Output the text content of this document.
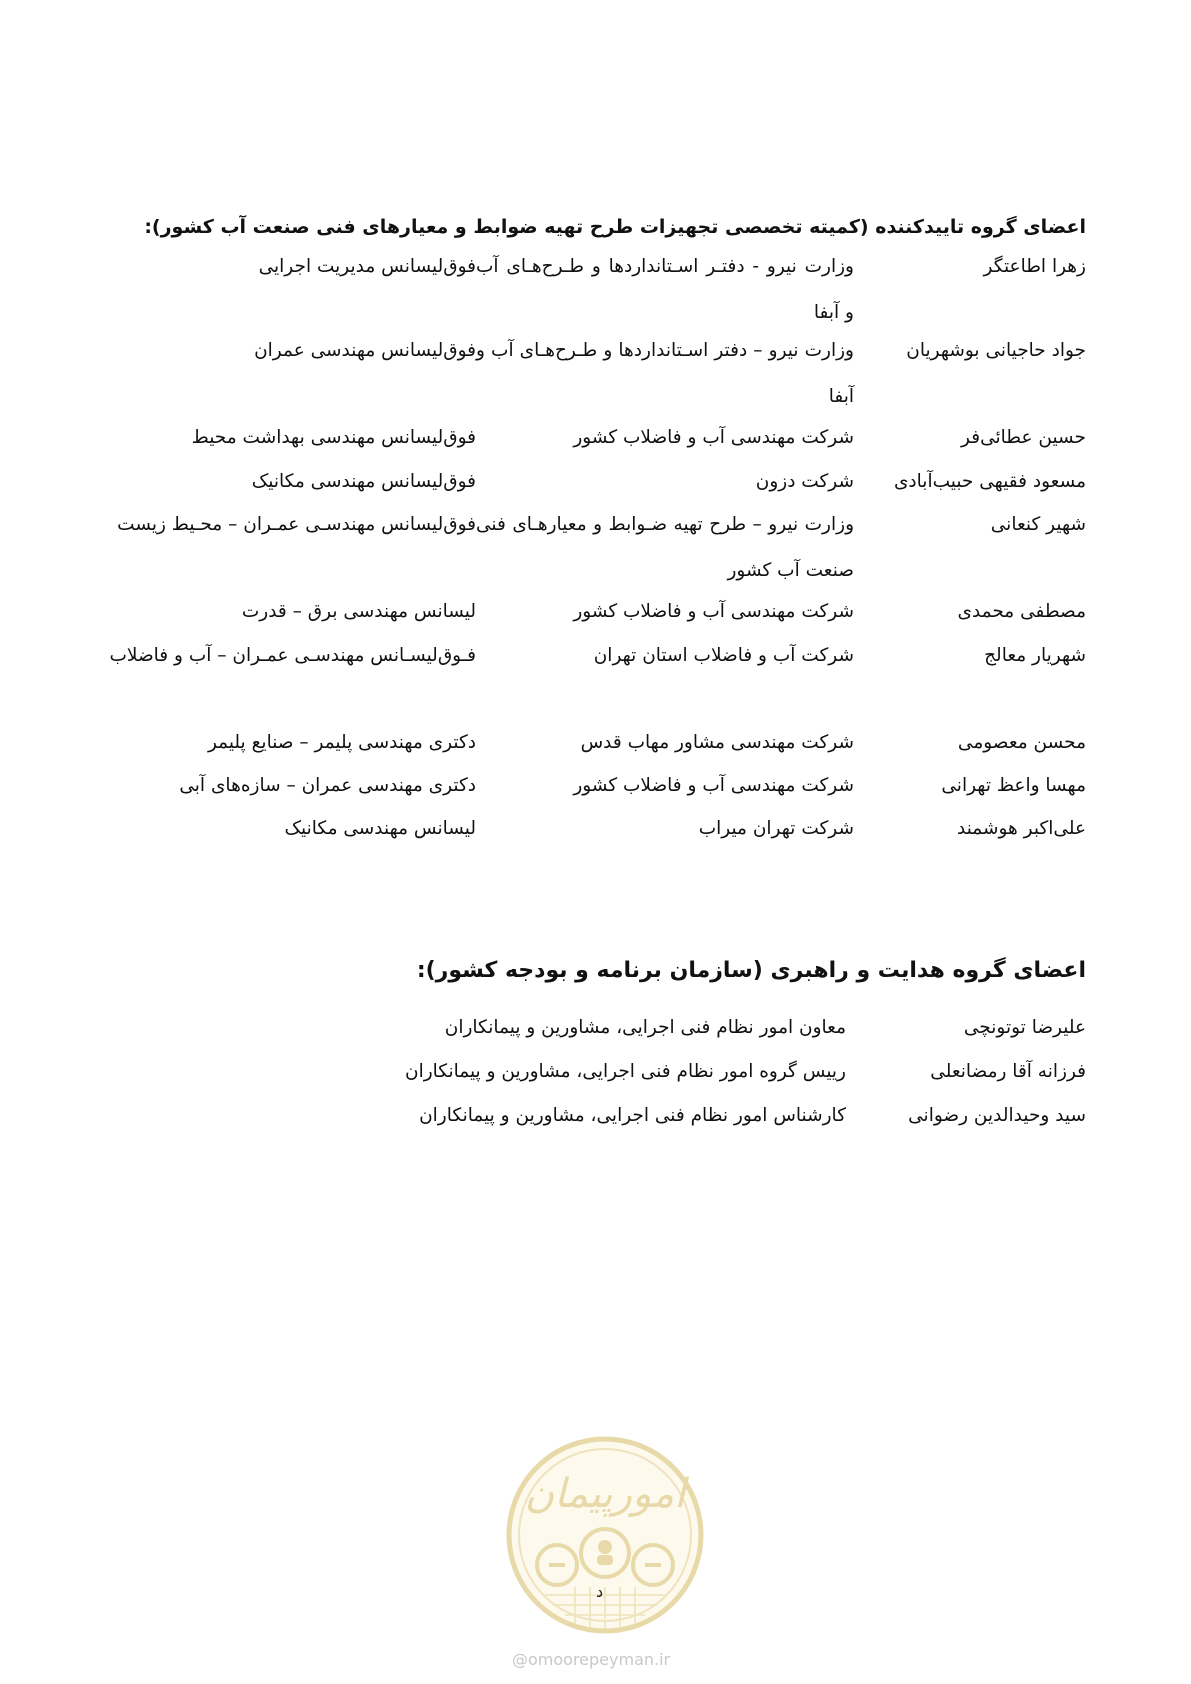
اعضای گروه تاییدکننده (کمیته تخصصی تجهیزات طرح تهیه ضوابط و معیارهای فنی صنعت آب کشور):
زهرا اطاعتگر
وزارت نیرو - دفتـر اسـتانداردها و طـرح‌هـای آب و آبفا
فوق‌لیسانس مدیریت اجرایی
جواد حاجیانی بوشهریان
وزارت نیرو – دفتر اسـتانداردها و طـرح‌هـای آب و آبفا
فوق‌لیسانس مهندسی عمران
حسین عطائی‌فر
شرکت مهندسی آب و فاضلاب کشور
فوق‌لیسانس مهندسی بهداشت محیط
مسعود فقیهی حبیب‌آبادی
شرکت دزون
فوق‌لیسانس مهندسی مکانیک
شهیر کنعانی
وزارت نیرو – طرح تهیه ضـوابط و معیارهـای فنی صنعت آب کشور
فوق‌لیسانس مهندسـی عمـران – محـیط زیست
مصطفی محمدی
شرکت مهندسی آب و فاضلاب کشور
لیسانس مهندسی برق – قدرت
شهریار معالج
شرکت آب و فاضلاب استان تهران
فـوق‌لیسـانس مهندسـی عمـران – آب و فاضلاب
محسن معصومی
شرکت مهندسی مشاور مهاب قدس
دکتری مهندسی پلیمر – صنایع پلیمر
مهسا واعظ تهرانی
شرکت مهندسی آب و فاضلاب کشور
دکتری مهندسی عمران – سازه‌های آبی
علی‌اکبر هوشمند
شرکت تهران میراب
لیسانس مهندسی مکانیک
اعضای گروه هدایت و راهبری (سازمان برنامه و بودجه کشور):
علیرضا توتونچی
معاون امور نظام فنی اجرایی، مشاورین و پیمانکاران
فرزانه آقا رمضانعلی
رییس گروه امور نظام فنی اجرایی، مشاورین و پیمانکاران
سید وحیدالدین رضوانی
کارشناس امور نظام فنی اجرایی، مشاورین و پیمانکاران
امورپیمان
د
@omoorepeyman.ir
